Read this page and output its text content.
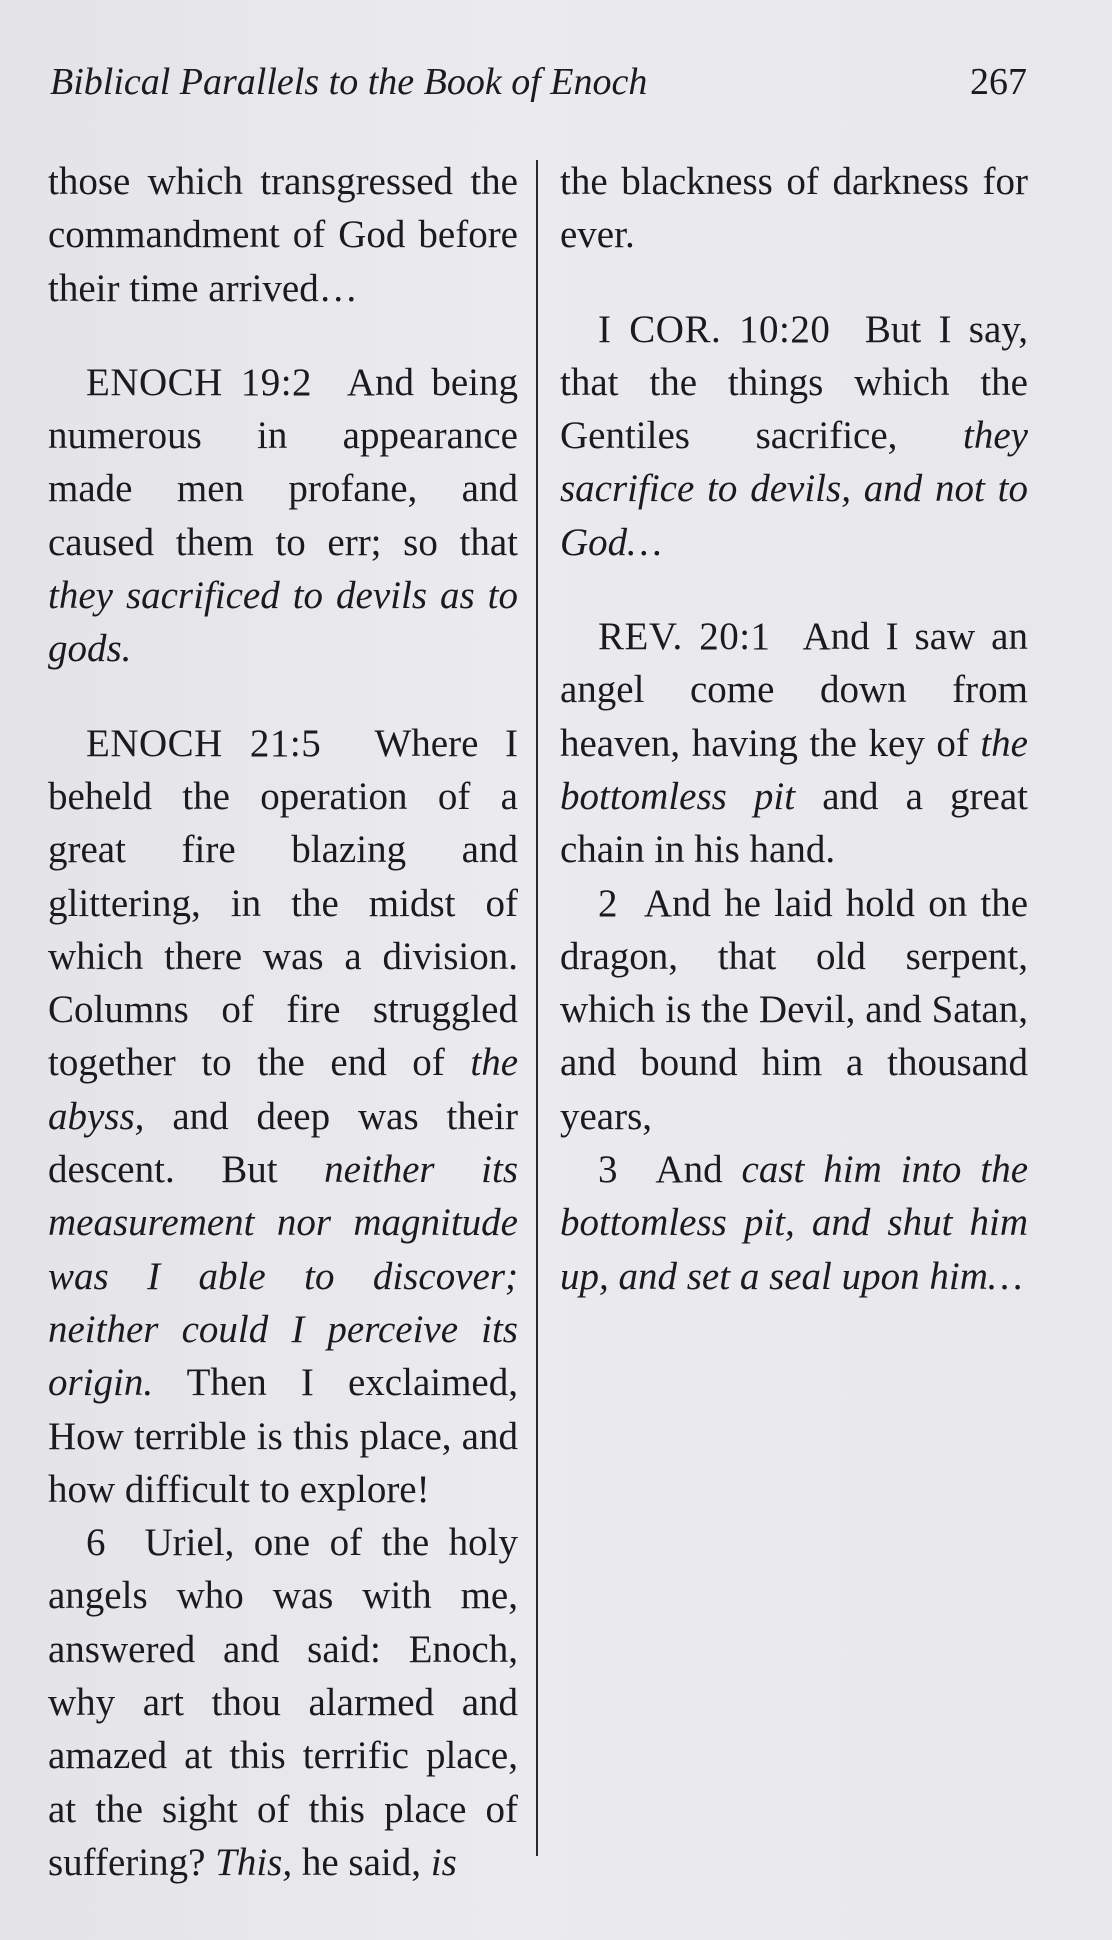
Biblical Parallels to the Book of Enoch	267

those which transgressed the commandment of God before their time arrived…

ENOCH 19:2 And being numerous in appearance made men profane, and caused them to err; so that they sacrificed to devils as to gods.

ENOCH 21:5 Where I beheld the operation of a great fire blazing and glittering, in the midst of which there was a division. Columns of fire struggled together to the end of the abyss, and deep was their descent. But neither its measurement nor magnitude was I able to discover; neither could I perceive its origin. Then I exclaimed, How terrible is this place, and how difficult to explore!

6 Uriel, one of the holy angels who was with me, answered and said: Enoch, why art thou alarmed and amazed at this terrific place, at the sight of this place of suffering? This, he said, is

the blackness of darkness for ever.

I COR. 10:20 But I say, that the things which the Gentiles sacrifice, they sacrifice to devils, and not to God…

REV. 20:1 And I saw an angel come down from heaven, having the key of the bottomless pit and a great chain in his hand.

2 And he laid hold on the dragon, that old serpent, which is the Devil, and Satan, and bound him a thousand years,

3 And cast him into the bottomless pit, and shut him up, and set a seal upon him…
